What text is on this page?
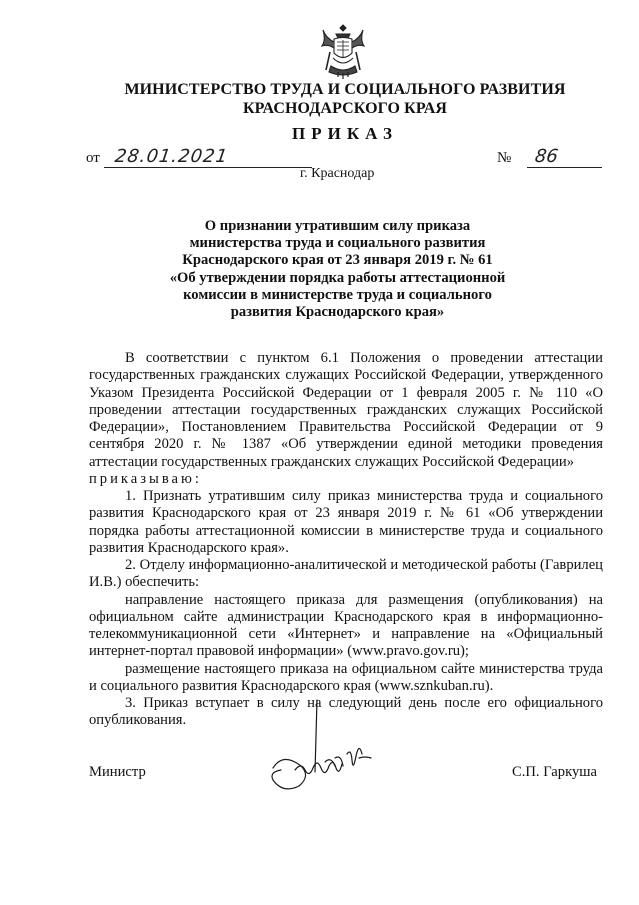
МИНИСТЕРСТВО ТРУДА И СОЦИАЛЬНОГО РАЗВИТИЯ
КРАСНОДАРСКОГО КРАЯ
ПРИКАЗ
от 28.01.2021	№ 86
г. Краснодар
О признании утратившим силу приказа
министерства труда и социального развития
Краснодарского края от 23 января 2019 г. № 61
«Об утверждении порядка работы аттестационной
комиссии в министерстве труда и социального
развития Краснодарского края»

В соответствии с пунктом 6.1 Положения о проведении аттестации государственных гражданских служащих Российской Федерации, утвержденного Указом Президента Российской Федерации от 1 февраля 2005 г. № 110 «О проведении аттестации государственных гражданских служащих Российской Федерации», Постановлением Правительства Российской Федерации от 9 сентября 2020 г. № 1387 «Об утверждении единой методики проведения аттестации государственных гражданских служащих Российской Федерации»

приказываю:

1. Признать утратившим силу приказ министерства труда и социального развития Краснодарского края от 23 января 2019 г. № 61 «Об утверждении порядка работы аттестационной комиссии в министерстве труда и социального развития Краснодарского края».

2. Отделу информационно-аналитической и методической работы (Гаврилец И.В.) обеспечить:

направление настоящего приказа для размещения (опубликования) на официальном сайте администрации Краснодарского края в информационно-телекоммуникационной сети «Интернет» и направление на «Официальный интернет-портал правовой информации» (www.pravo.gov.ru);

размещение настоящего приказа на официальном сайте министерства труда и социального развития Краснодарского края (www.sznkuban.ru).

3. Приказ вступает в силу на следующий день после его официального опубликования.

Министр	С.П. Гаркуша
